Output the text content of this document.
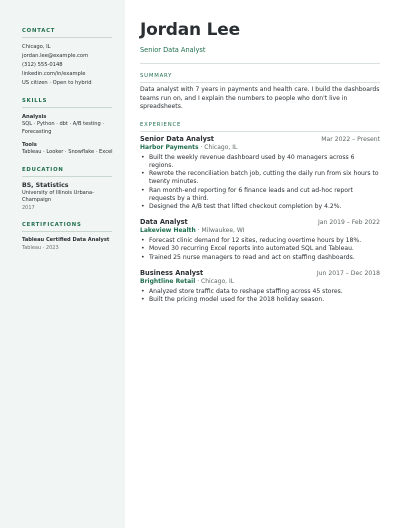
CONTACT
Chicago, IL
jordan.lee@example.com
(312) 555-0148
linkedin.com/in/example
US citizen · Open to hybrid
SKILLS
Analysis
SQL · Python · dbt · A/B testing · Forecasting
Tools
Tableau · Looker · Snowflake · Excel
EDUCATION
BS, Statistics
University of Illinois Urbana-Champaign
2017
CERTIFICATIONS
Tableau Certified Data Analyst
Tableau · 2023
Jordan Lee
Senior Data Analyst
SUMMARY
Data analyst with 7 years in payments and health care. I build the dashboards teams run on, and I explain the numbers to people who don't live in spreadsheets.
EXPERIENCE
Senior Data Analyst	Mar 2022 – Present
Harbor Payments · Chicago, IL
• Built the weekly revenue dashboard used by 40 managers across 6 regions.
• Rewrote the reconciliation batch job, cutting the daily run from six hours to twenty minutes.
• Ran month-end reporting for 6 finance leads and cut ad-hoc report requests by a third.
• Designed the A/B test that lifted checkout completion by 4.2%.
Data Analyst	Jan 2019 – Feb 2022
Lakeview Health · Milwaukee, WI
• Forecast clinic demand for 12 sites, reducing overtime hours by 18%.
• Moved 30 recurring Excel reports into automated SQL and Tableau.
• Trained 25 nurse managers to read and act on staffing dashboards.
Business Analyst	Jun 2017 – Dec 2018
Brightline Retail · Chicago, IL
• Analyzed store traffic data to reshape staffing across 45 stores.
• Built the pricing model used for the 2018 holiday season.
